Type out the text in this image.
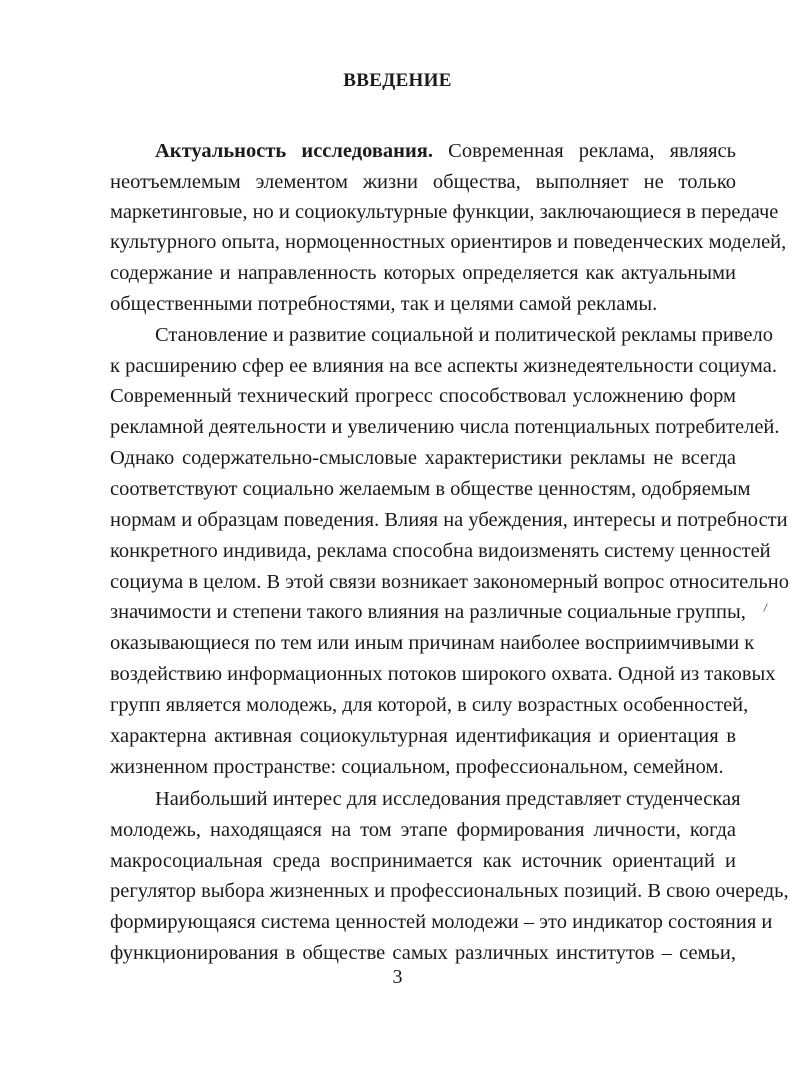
ВВЕДЕНИЕ
Актуальность исследования. Современная реклама, являясь
неотъемлемым элементом жизни общества, выполняет не только
маркетинговые, но и социокультурные функции, заключающиеся в передаче
культурного опыта, нормоценностных ориентиров и поведенческих моделей,
содержание и направленность которых определяется как актуальными
общественными потребностями, так и целями самой рекламы.
Становление и развитие социальной и политической рекламы привело
к расширению сфер ее влияния на все аспекты жизнедеятельности социума.
Современный технический прогресс способствовал усложнению форм
рекламной деятельности и увеличению числа потенциальных потребителей.
Однако содержательно-смысловые характеристики рекламы не всегда
соответствуют социально желаемым в обществе ценностям, одобряемым
нормам и образцам поведения. Влияя на убеждения, интересы и потребности
конкретного индивида, реклама способна видоизменять систему ценностей
социума в целом. В этой связи возникает закономерный вопрос относительно
значимости и степени такого влияния на различные социальные группы,
оказывающиеся по тем или иным причинам наиболее восприимчивыми к
воздействию информационных потоков широкого охвата. Одной из таковых
групп является молодежь, для которой, в силу возрастных особенностей,
характерна активная социокультурная идентификация и ориентация в
жизненном пространстве: социальном, профессиональном, семейном.
Наибольший интерес для исследования представляет студенческая
молодежь, находящаяся на том этапе формирования личности, когда
макросоциальная среда воспринимается как источник ориентаций и
регулятор выбора жизненных и профессиональных позиций. В свою очередь,
формирующаяся система ценностей молодежи – это индикатор состояния и
функционирования в обществе самых различных институтов – семьи,
3
